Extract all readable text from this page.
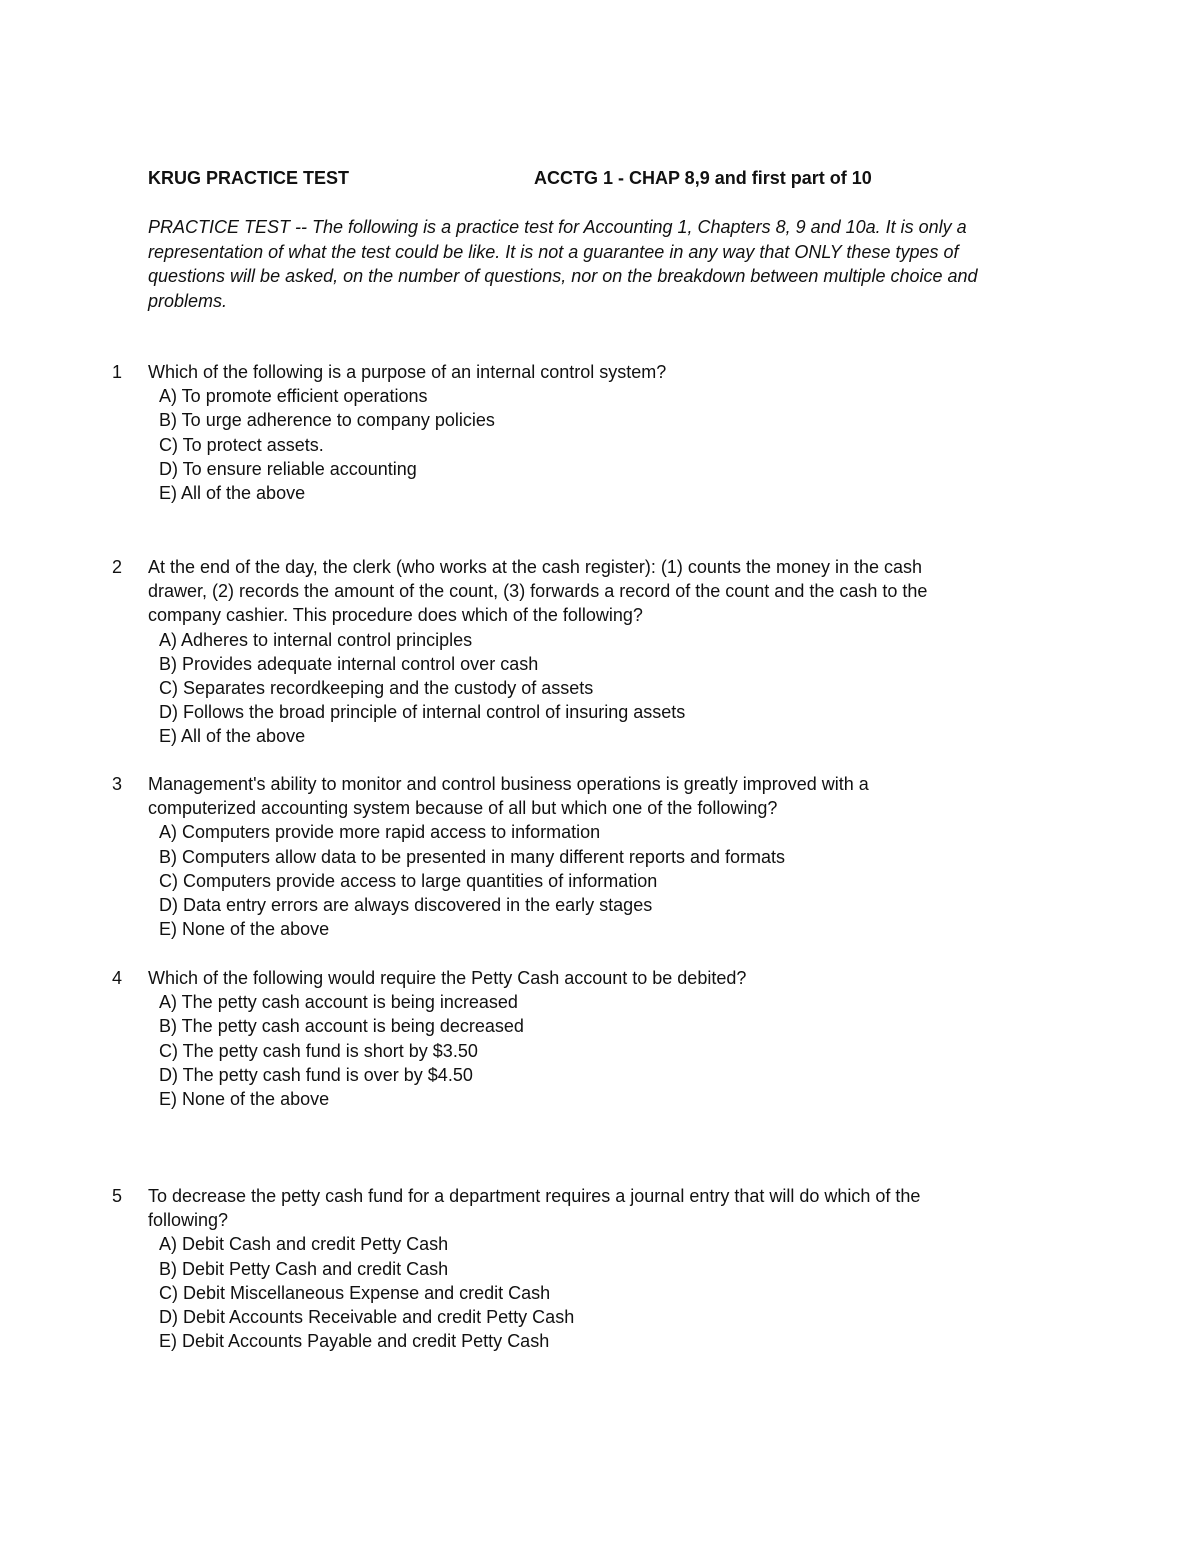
KRUG PRACTICE TEST	ACCTG 1 - CHAP 8,9 and first part of 10
PRACTICE TEST -- The following is a practice test for Accounting 1, Chapters 8, 9 and 10a. It is only a representation of what the test could be like. It is not a guarantee in any way that ONLY these types of questions will be asked, on the number of questions, nor on the breakdown between multiple choice and problems.
1	Which of the following is a purpose of an internal control system?
A) To promote efficient operations
B) To urge adherence to company policies
C) To protect assets.
D) To ensure reliable accounting
E) All of the above
2	At the end of the day, the clerk (who works at the cash register): (1) counts the money in the cash drawer, (2) records the amount of the count, (3) forwards a record of the count and the cash to the company cashier. This procedure does which of the following?
A) Adheres to internal control principles
B) Provides adequate internal control over cash
C) Separates recordkeeping and the custody of assets
D) Follows the broad principle of internal control of insuring assets
E) All of the above
3	Management's ability to monitor and control business operations is greatly improved with a computerized accounting system because of all but which one of the following?
A) Computers provide more rapid access to information
B) Computers allow data to be presented in many different reports and formats
C) Computers provide access to large quantities of information
D) Data entry errors are always discovered in the early stages
E) None of the above
4	Which of the following would require the Petty Cash account to be debited?
A) The petty cash account is being increased
B) The petty cash account is being decreased
C) The petty cash fund is short by $3.50
D) The petty cash fund is over by $4.50
E) None of the above
5	To decrease the petty cash fund for a department requires a journal entry that will do which of the following?
A) Debit Cash and credit Petty Cash
B) Debit Petty Cash and credit Cash
C) Debit Miscellaneous Expense and credit Cash
D) Debit Accounts Receivable and credit Petty Cash
E) Debit Accounts Payable and credit Petty Cash
